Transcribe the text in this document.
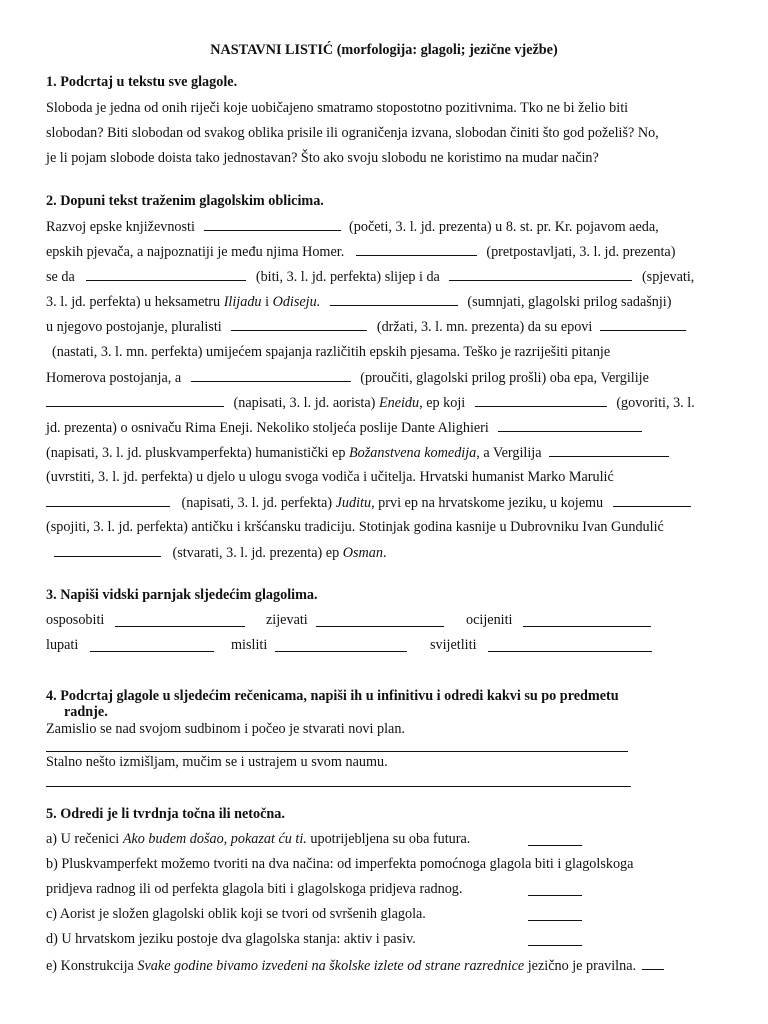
NASTAVNI LISTIĆ (morfologija: glagoli; jezične vježbe)
1. Podcrtaj u tekstu sve glagole.
Sloboda je jedna od onih riječi koje uobičajeno smatramo stopostotno pozitivnima. Tko ne bi želio biti
slobodan? Biti slobodan od svakog oblika prisile ili ograničenja izvana, slobodan činiti što god poželiš? No,
je li pojam slobode doista tako jednostavan? Što ako svoju slobodu ne koristimo na mudar način?
2. Dopuni tekst traženim glagolskim oblicima.
Razvoj epske književnosti	(početi, 3. l. jd. prezenta) u 8. st. pr. Kr. pojavom aeda,
epskih pjevača, a najpoznatiji je među njima Homer.	(pretpostavljati, 3. l. jd. prezenta)
se da	(biti, 3. l. jd. perfekta) slijep i da	(spjevati,
3. l. jd. perfekta) u heksametru Ilijadu i Odiseju.	(sumnjati, glagolski prilog sadašnji)
u njegovo postojanje, pluralisti	(držati, 3. l. mn. prezenta) da su epovi
(nastati, 3. l. mn. perfekta) umijećem spajanja različitih epskih pjesama. Teško je razriješiti pitanje
Homerova postojanja, a	(proučiti, glagolski prilog prošli) oba epa, Vergilije
(napisati, 3. l. jd. aorista) Eneidu, ep koji	(govoriti, 3. l.
jd. prezenta) o osnivaču Rima Eneji. Nekoliko stoljeća poslije Dante Alighieri
(napisati, 3. l. jd. pluskvamperfekta) humanistički ep Božanstvena komedija, a Vergilija
(uvrstiti, 3. l. jd. perfekta) u djelo u ulogu svoga vodiča i učitelja. Hrvatski humanist Marko Marulić
(napisati, 3. l. jd. perfekta) Juditu, prvi ep na hrvatskome jeziku, u kojemu
(spojiti, 3. l. jd. perfekta) antičku i kršćansku tradiciju. Stotinjak godina kasnije u Dubrovniku Ivan Gundulić
(stvarati, 3. l. jd. prezenta) ep Osman.
3. Napiši vidski parnjak sljedećim glagolima.
osposobiti	zijevati	ocijeniti
lupati	misliti	svijetliti
4. Podcrtaj glagole u sljedećim rečenicama, napiši ih u infinitivu i odredi kakvi su po predmetu
radnje.
Zamislio se nad svojom sudbinom i počeo je stvarati novi plan.
Stalno nešto izmišljam, mučim se i ustrajem u svom naumu.
5. Odredi je li tvrdnja točna ili netočna.
a) U rečenici Ako budem došao, pokazat ću ti. upotrijebljena su oba futura.
b) Pluskvamperfekt možemo tvoriti na dva načina: od imperfekta pomoćnoga glagola biti i glagolskoga
pridjeva radnog ili od perfekta glagola biti i glagolskoga pridjeva radnog.
c) Aorist je složen glagolski oblik koji se tvori od svršenih glagola.
d) U hrvatskom jeziku postoje dva glagolska stanja: aktiv i pasiv.
e) Konstrukcija Svake godine bivamo izvedeni na školske izlete od strane razrednice jezično je pravilna.
